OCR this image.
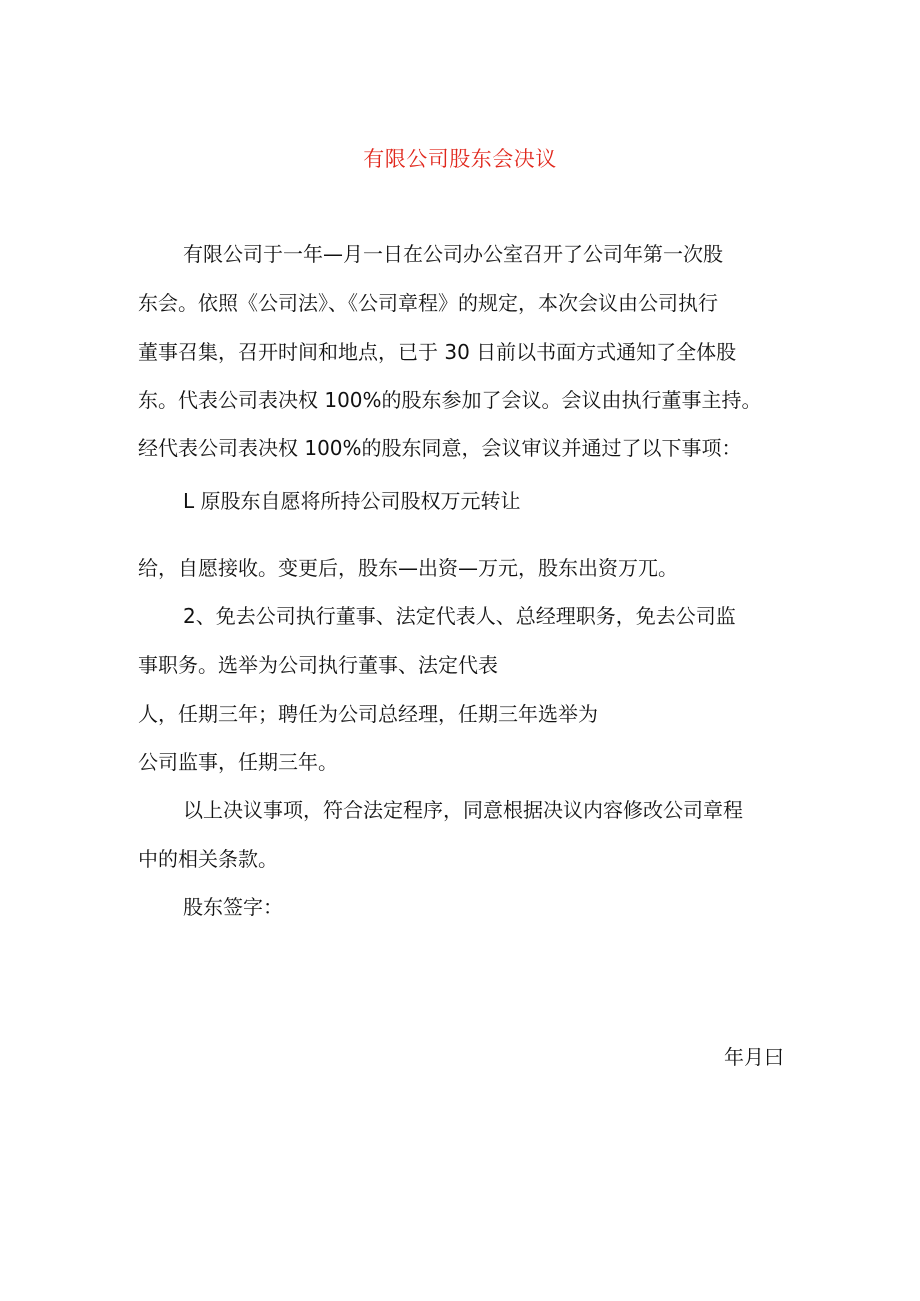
有限公司股东会决议
有限公司于一年—月一日在公司办公室召开了公司年第一次股
东会。依照《公司法》、《公司章程》的规定，本次会议由公司执行
董事召集，召开时间和地点，已于 30 日前以书面方式通知了全体股
东。代表公司表决权 100%的股东参加了会议。会议由执行董事主持。
经代表公司表决权 100%的股东同意，会议审议并通过了以下事项：
L 原股东自愿将所持公司股权万元转让
给，自愿接收。变更后，股东—出资—万元，股东出资万兀。
2、免去公司执行董事、法定代表人、总经理职务，免去公司监
事职务。选举为公司执行董事、法定代表
人，任期三年；聘任为公司总经理，任期三年选举为
公司监事，任期三年。
以上决议事项，符合法定程序，同意根据决议内容修改公司章程
中的相关条款。
股东签字：
年月曰
